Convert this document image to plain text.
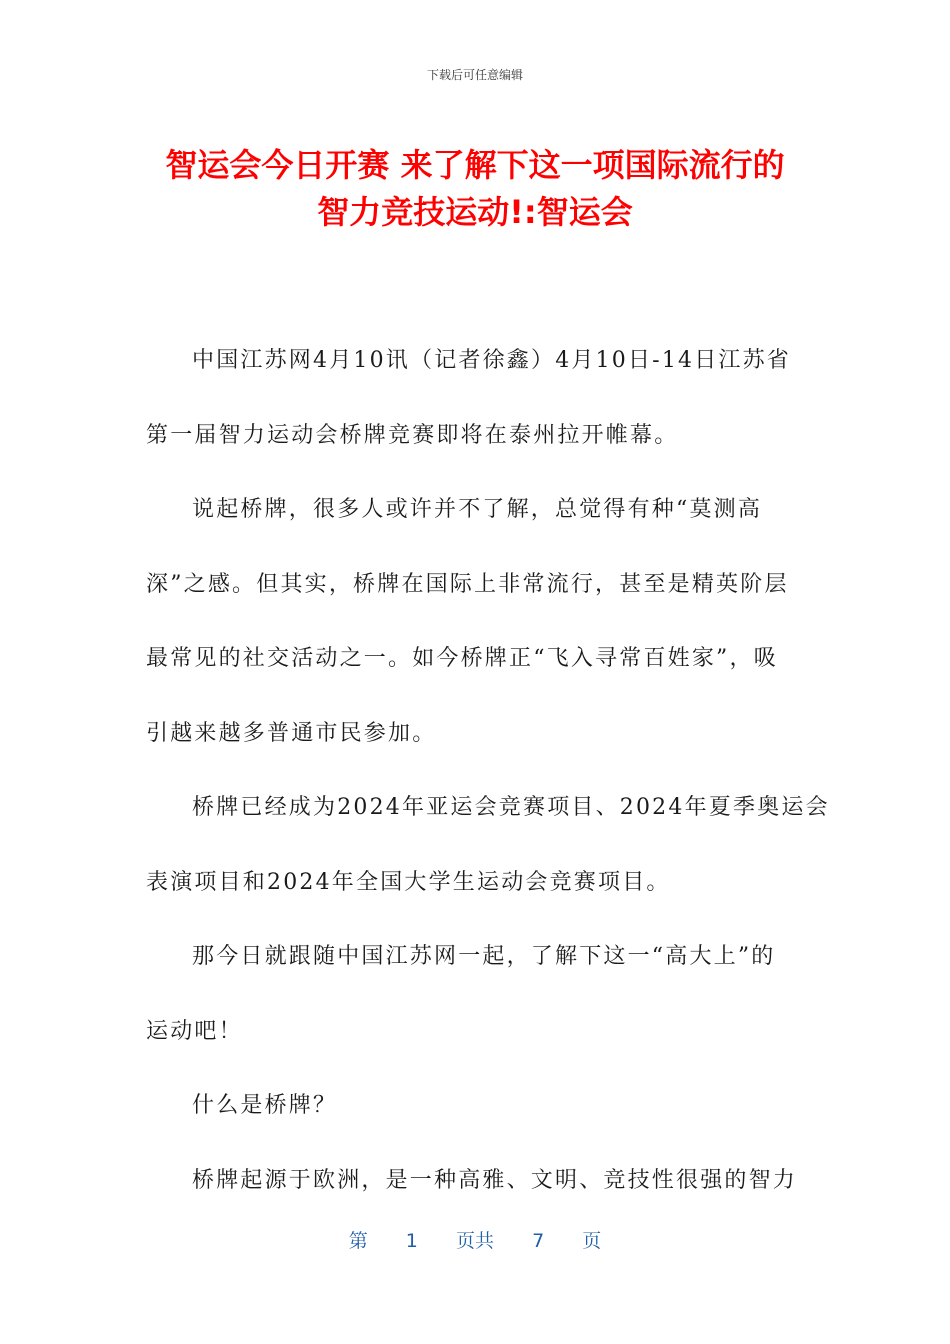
下载后可任意编辑
智运会今日开赛 来了解下这一项国际流行的
智力竞技运动!:智运会
中国江苏网4月10讯（记者徐鑫）4月10日-14日江苏省
第一届智力运动会桥牌竞赛即将在泰州拉开帷幕。
说起桥牌，很多人或许并不了解，总觉得有种“莫测高
深”之感。但其实，桥牌在国际上非常流行，甚至是精英阶层
最常见的社交活动之一。如今桥牌正“飞入寻常百姓家”，吸
引越来越多普通市民参加。
桥牌已经成为2024年亚运会竞赛项目、2024年夏季奥运会
表演项目和2024年全国大学生运动会竞赛项目。
那今日就跟随中国江苏网一起，了解下这一“高大上”的
运动吧！
什么是桥牌？
桥牌起源于欧洲，是一种高雅、文明、竞技性很强的智力
第 1 页共 7 页
